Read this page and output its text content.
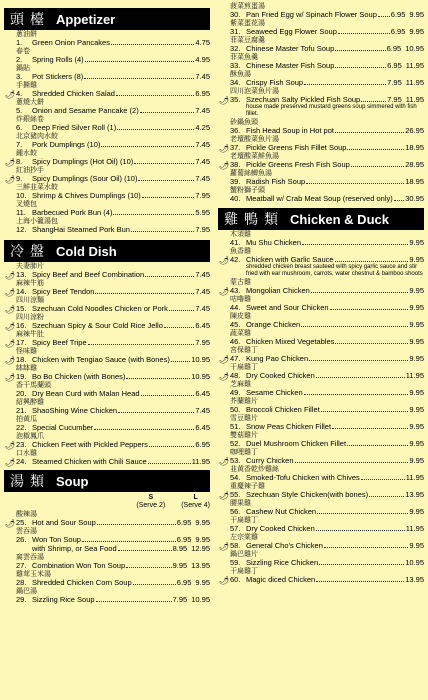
頭檯 Appetizer
蔥油餅
1.	Green Onion Pancakes	4.75
春卷
2.	Spring Rolls (4)	4.95
鍋貼
3.	Pot Stickers (8)	7.45
🌶
手撕雞
4.	Shredded Chicken Salad	6.95
蔥燒大餅
5.	Onion and Sesame Pancake (2)	7.45
炸銀絲卷
6.	Deep Fried Silver Roll (1)	4.25
北京豬肉水餃
7.	Pork Dumplings (10)	7.45
🌶
鍾水餃
8.	Spicy Dumplings (Hot Oil) (10)	7.45
🌶
紅油抄手
9.	Spicy Dumplings (Sour Oil) (10)	7.45
三鮮韭菜水餃
10. Shrimp & Chives Dumplings (10)	7.95
叉燒包
11. Barbecued Pork Bun (4)	5.95
上海小籠湯包
12. ShangHai Steamed Pork Bun	7.95
冷盤 Cold Dish
🌶
夫妻肺片
13. Spicy Beef and Beef Combination	7.45
🌶
麻辣牛筋
14. Spicy Beef Tendon	7.45
🌶
四川涼麵
15. Szechuan Cold Noodles Chicken or Pork	7.45
🌶
四川涼粉
16. Szechuan Spicy & Sour Cold Rice Jello	6.45
🌶
麻辣牛肚
17. Spicy Beef Tripe	7.95
🌶
怪味雞
18. Chicken with Tengiao Sauce (with Bones)	10.95
🌶
缽缽雞
19. Bo Bo Chicken (with Bones)	10.95
香干馬蘭頭
20. Dry Bean Curd with Malan Head	6.45
紹興醉雞
21. ShaoShing Wine Chicken	7.45
拍黄瓜
22. Special Cucumber	6.45
🌶
泡椒鳳爪
23. Chicken Feet with Pickled Peppers	6.95
🌶
口水雞
24. Steamed Chicken with Chili Sauce	11.95
湯類 Soup
S
(Serve 2)
L
(Serve 4)
🌶
酸辣湯
25. Hot and Sour Soup	6.95 9.95
雲吞湯
26. Won Ton Soup	6.95 9.95
with Shrimp, or Sea Food	8.95 12.95
窩雲吞湯
27. Combination Won Ton Soup	9.95 13.95
雞茸玉米湯
28. Shredded Chicken Corn Soup	6.95 9.95
鍋巴湯
29. Sizzling Rice Soup	7.95 10.95
菠菜煎蛋湯
30. Pan Fried Egg w/ Spinach Flower Soup 6.95 9.95
紫菜蛋花湯
31. Seaweed Egg Flower Soup	6.95 9.95
菲菜豆腐羹
32. Chinese Master Tofu Soup	6.95 10.95
菲菜魚羹
33. Chinese Master Fish Soup	6.95 11.95
酥魚湯
34. Crispy Fish Soup	7.95 11.95
🌶
四川泡菜魚片湯
35. Szechuan Salty Pickled Fish Soup	7.95 11.95
house made preserved mustard greens soup simmered with fish fillet.
砂鍋魚頭
36. Fish Head Soup in Hot pot	26.95
🌶
老壇酸菜魚片湯
37. Pickle Greens Fish Fillet Soup	18.95
🌶
老壇酸菜鮮魚湯
38. Pickle Greens Fresh Fish Soup	28.95
蘿蔔絲鯽魚湯
39. Radish Fish Soup	18.95
蟹粉獅子頭
40. Meatball w/ Crab Meat Soup (reserved only) 30.95
雞鴨類 Chicken & Duck
木須雞
41. Mu Shu Chicken	9.95
🌶
魚香雞
42. Chicken with Garlic Sauce	9.95
shredded chicken breast sauteed with spicy garlic sauce and stir fried with ear mushroom, carrots, water chestnut & bamboo shoots
🌶
蒙古雞
43. Mongolian Chicken	9.95
咕嚕雞
44. Sweet and Sour Chicken	9.95
陳皮雞
45. Orange Chicken	9.95
蔬菜雞
46. Chicken Mixed Vegetables	9.95
🌶
宮保雞丁
47. Kung Pao Chicken	9.95
🌶
干扁雞丁
48. Dry Cooked Chicken	11.95
芝麻雞
49. Sesame Chicken	9.95
芥蘭雞片
50. Broccoli Chicken Fillet	9.95
雪豆雞片
51. Snow Peas Chicken Fillet	9.95
雙菇雞片
52. Duel Mushroom Chicken Fillet	9.95
🌶
咖哩雞丁
53. Curry Chicken	9.95
韭黄香乾炒雞絲
54. Smoked-Tofu Chicken with Chives	11.95
🌶
重慶辣子雞
55. Szechuan Style Chicken(with bones)	13.95
腰果雞
56. Cashew Nut Chicken	9.95
干扁雞丁
57. Dry Cooked Chicken	11.95
🌶
左宗棠雞
58. General Cho's Chicken	9.95
鍋巴雞片
59. Sizzling Rice Chicken	10.95
🌶
干扁雞丁
60. Magic diced Chicken	13.95
